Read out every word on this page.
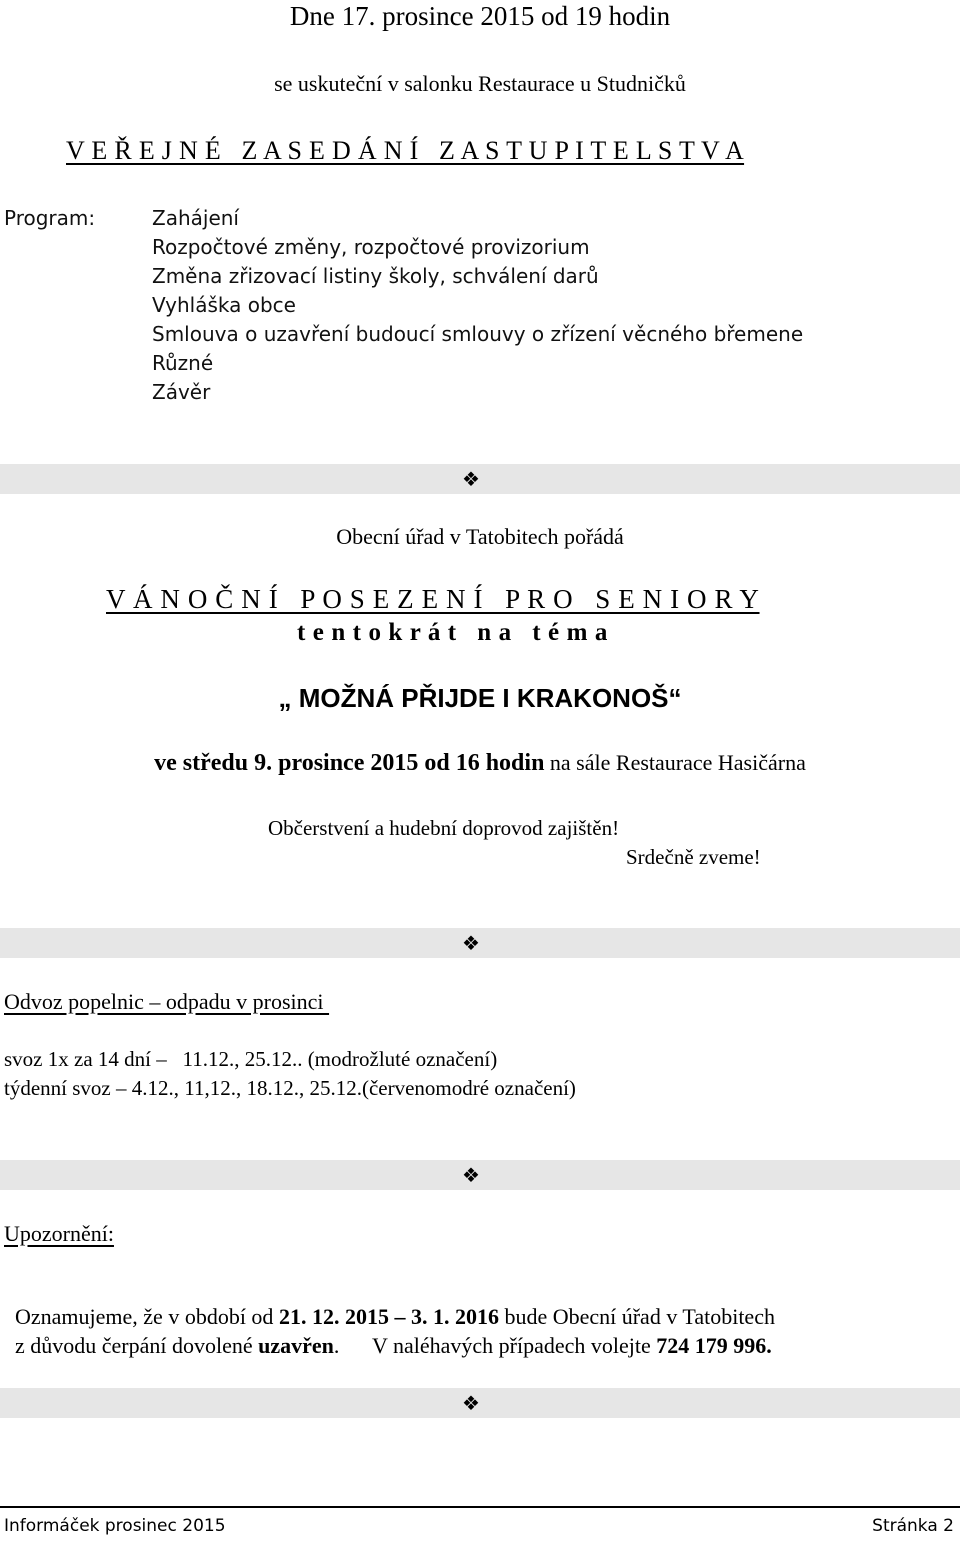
Dne 17. prosince 2015 od 19 hodin
se uskuteční v salonku Restaurace u Studničků
V E Ř E J N É   Z A S E D Á N Í   Z A S T U P I T E L S T V A
Program:	Zahájení
Rozpočtové změny, rozpočtové provizorium
Změna zřizovací listiny školy, schválení darů
Vyhláška obce
Smlouva o uzavření budoucí smlouvy o zřízení věcného břemene
Různé
Závěr
❖
Obecní úřad v Tatobitech pořádá
V Á N O Č N Í   P O S E Z E N Í   P R O   S E N I O R Y
t e n t o k r á t   n a   t é m a
„ MOŽNÁ PŘIJDE I KRAKONOŠ“
ve středu 9. prosince 2015 od 16 hodin na sále Restaurace Hasičárna
Občerstvení a hudební doprovod zajištěn!
Srdečně zveme!
❖
Odvoz popelnic – odpadu v prosinci
svoz 1x za 14 dní –   11.12., 25.12.. (modrožluté označení)
týdenní svoz – 4.12., 11,12., 18.12., 25.12.(červenomodré označení)
❖
Upozornění:

Oznamujeme, že v období od 21. 12. 2015 – 3. 1. 2016 bude Obecní úřad v Tatobitech

z důvodu čerpání dovolené uzavřen.      V naléhavých případech volejte 724 179 996.

❖
Informáček prosinec 2015	Stránka 2
